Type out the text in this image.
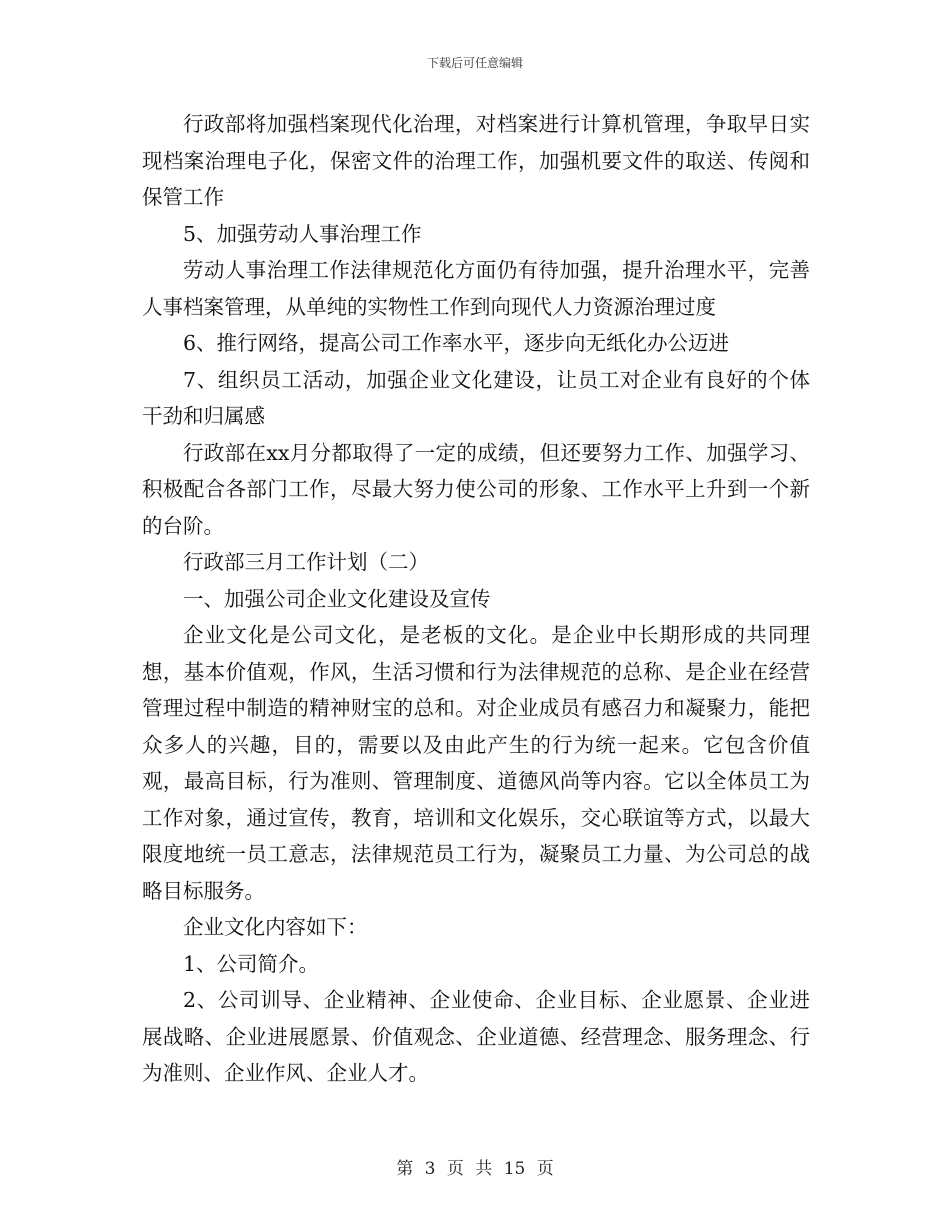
下载后可任意编辑

行政部将加强档案现代化治理，对档案进行计算机管理，争取早日实现档案治理电子化，保密文件的治理工作，加强机要文件的取送、传阅和保管工作

5、加强劳动人事治理工作

劳动人事治理工作法律规范化方面仍有待加强，提升治理水平，完善人事档案管理，从单纯的实物性工作到向现代人力资源治理过度

6、推行网络，提高公司工作率水平，逐步向无纸化办公迈进

7、组织员工活动，加强企业文化建设，让员工对企业有良好的个体干劲和归属感

行政部在xx月分都取得了一定的成绩，但还要努力工作、加强学习、积极配合各部门工作，尽最大努力使公司的形象、工作水平上升到一个新的台阶。

行政部三月工作计划（二）

一、加强公司企业文化建设及宣传

企业文化是公司文化，是老板的文化。是企业中长期形成的共同理想，基本价值观，作风，生活习惯和行为法律规范的总称、是企业在经营管理过程中制造的精神财宝的总和。对企业成员有感召力和凝聚力，能把众多人的兴趣，目的，需要以及由此产生的行为统一起来。它包含价值观，最高目标，行为准则、管理制度、道德风尚等内容。它以全体员工为工作对象，通过宣传，教育，培训和文化娱乐，交心联谊等方式，以最大限度地统一员工意志，法律规范员工行为，凝聚员工力量、为公司总的战略目标服务。

企业文化内容如下：

1、公司简介。

2、公司训导、企业精神、企业使命、企业目标、企业愿景、企业进展战略、企业进展愿景、价值观念、企业道德、经营理念、服务理念、行为准则、企业作风、企业人才。

第 3 页 共 15 页
